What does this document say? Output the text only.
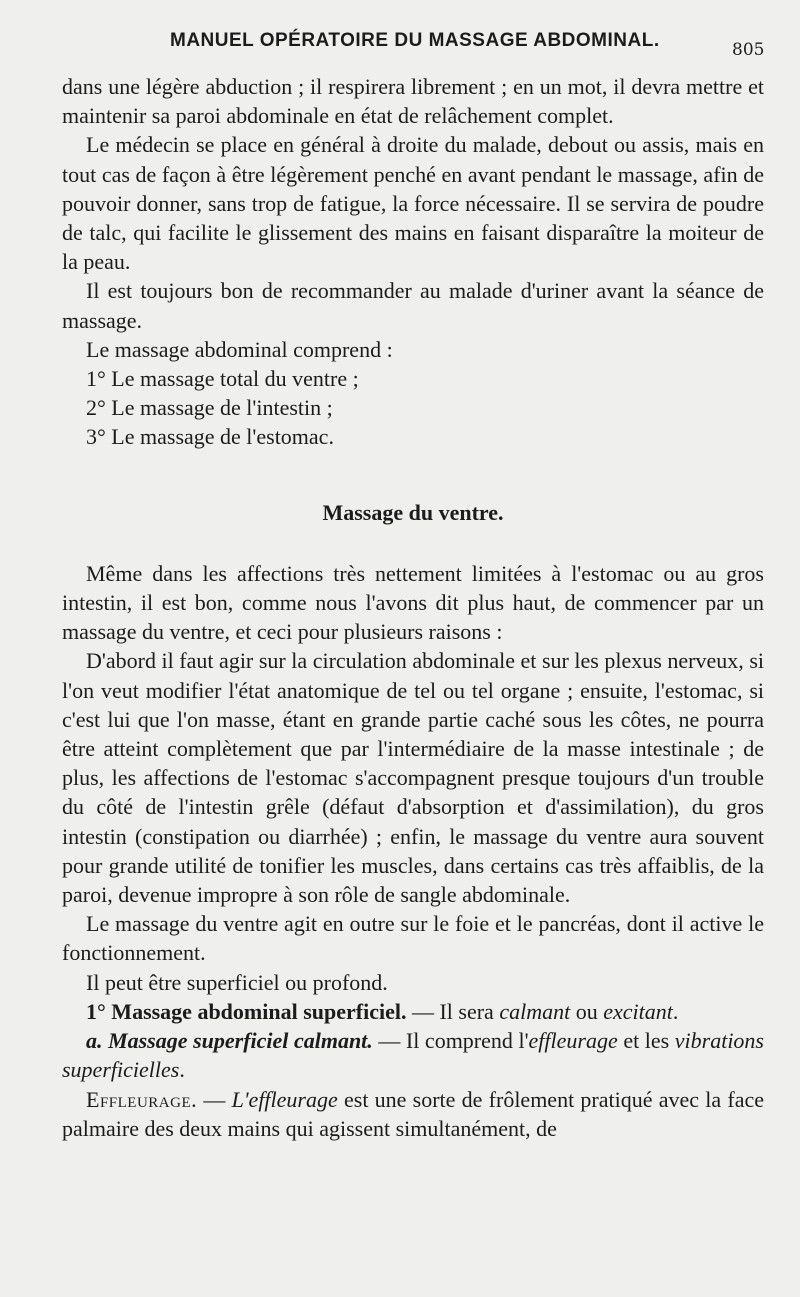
MANUEL OPÉRATOIRE DU MASSAGE ABDOMINAL.	805

dans une légère abduction ; il respirera librement ; en un mot, il devra mettre et maintenir sa paroi abdominale en état de relâchement complet.

Le médecin se place en général à droite du malade, debout ou assis, mais en tout cas de façon à être légèrement penché en avant pendant le massage, afin de pouvoir donner, sans trop de fatigue, la force nécessaire. Il se servira de poudre de talc, qui facilite le glissement des mains en faisant disparaître la moiteur de la peau.

Il est toujours bon de recommander au malade d'uriner avant la séance de massage.

Le massage abdominal comprend :

1° Le massage total du ventre ;

2° Le massage de l'intestin ;

3° Le massage de l'estomac.

Massage du ventre.

Même dans les affections très nettement limitées à l'estomac ou au gros intestin, il est bon, comme nous l'avons dit plus haut, de commencer par un massage du ventre, et ceci pour plusieurs raisons :

D'abord il faut agir sur la circulation abdominale et sur les plexus nerveux, si l'on veut modifier l'état anatomique de tel ou tel organe ; ensuite, l'estomac, si c'est lui que l'on masse, étant en grande partie caché sous les côtes, ne pourra être atteint complètement que par l'intermédiaire de la masse intestinale ; de plus, les affections de l'estomac s'accompagnent presque toujours d'un trouble du côté de l'intestin grêle (défaut d'absorption et d'assimilation), du gros intestin (constipation ou diarrhée) ; enfin, le massage du ventre aura souvent pour grande utilité de tonifier les muscles, dans certains cas très affaiblis, de la paroi, devenue impropre à son rôle de sangle abdominale.

Le massage du ventre agit en outre sur le foie et le pancréas, dont il active le fonctionnement.

Il peut être superficiel ou profond.

1° Massage abdominal superficiel. — Il sera calmant ou excitant.

a. Massage superficiel calmant. — Il comprend l'effleurage et les vibrations superficielles.

Effleurage. — L'effleurage est une sorte de frôlement pratiqué avec la face palmaire des deux mains qui agissent simultanément, de
